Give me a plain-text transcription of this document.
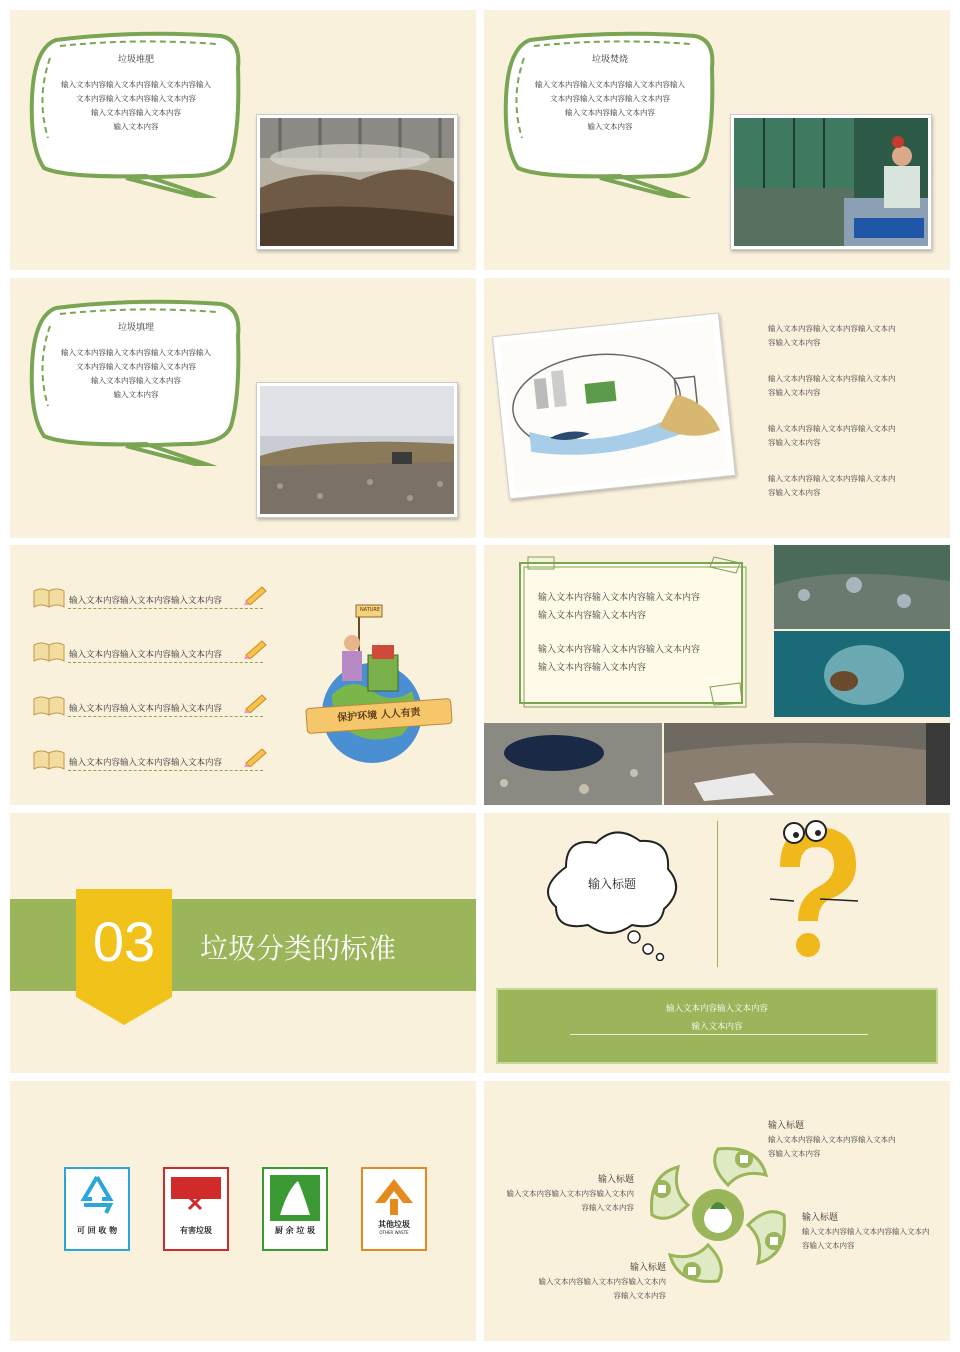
垃圾堆肥
输入文本内容输入文本内容输入文本内容输入
文本内容输入文本内容输入文本内容
输入文本内容输入文本内容
输入文本内容
垃圾焚烧
输入文本内容输入文本内容输入文本内容输入
文本内容输入文本内容输入文本内容
输入文本内容输入文本内容
输入文本内容
垃圾填埋
输入文本内容输入文本内容输入文本内容输入
文本内容输入文本内容输入文本内容
输入文本内容输入文本内容
输入文本内容
输入文本内容输入文本内容输入文本内
容输入文本内容
输入文本内容输入文本内容输入文本内
容输入文本内容
输入文本内容输入文本内容输入文本内
容输入文本内容
输入文本内容输入文本内容输入文本内
容输入文本内容
输入文本内容输入文本内容输入文本内容
输入文本内容输入文本内容输入文本内容
输入文本内容输入文本内容输入文本内容
输入文本内容输入文本内容输入文本内容
保护环境 人人有责
NATURE
输入文本内容输入文本内容输入文本内容
输入文本内容输入文本内容
输入文本内容输入文本内容输入文本内容
输入文本内容输入文本内容
03	垃圾分类的标准
输入标题
输入文本内容输入文本内容
输入文本内容
可 回 收 物	有害垃圾	厨 余 垃 圾
其他垃圾
OTHER WASTE
输入标题
输入文本内容输入文本内容输入文本内
容输入文本内容
输入标题
输入文本内容输入文本内容输入文本内
容输入文本内容
输入标题
输入文本内容输入文本内容输入文本内
容输入文本内容
输入标题
输入文本内容输入文本内容输入文本内
容输入文本内容
